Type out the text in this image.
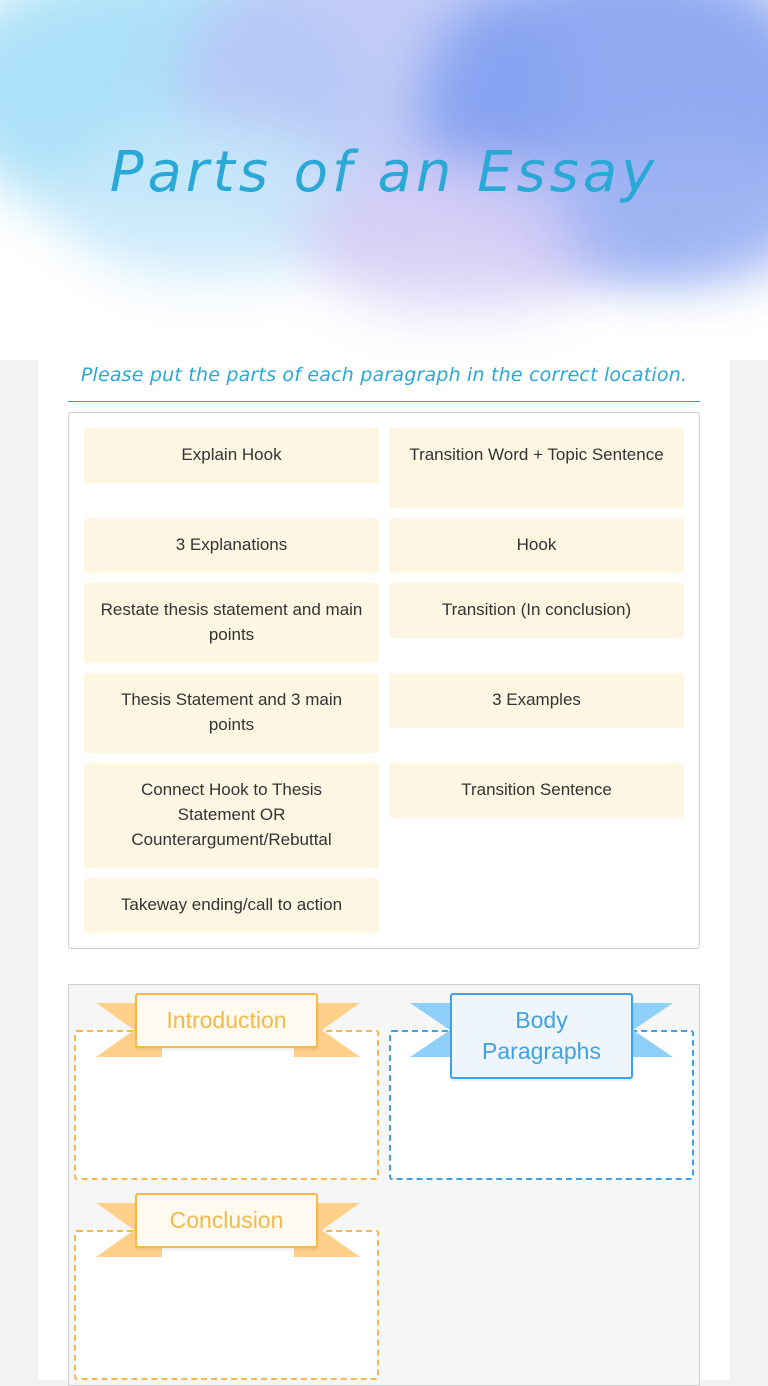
Parts of an Essay
Please put the parts of each paragraph in the correct location.
Explain Hook	Transition Word + Topic Sentence
3 Explanations	Hook
Restate thesis statement and main points
Transition (In conclusion)
Thesis Statement and 3 main points
3 Examples
Connect Hook to Thesis Statement OR Counterargument/Rebuttal
Transition Sentence
Takeway ending/call to action
Introduction	Body Paragraphs
Conclusion
